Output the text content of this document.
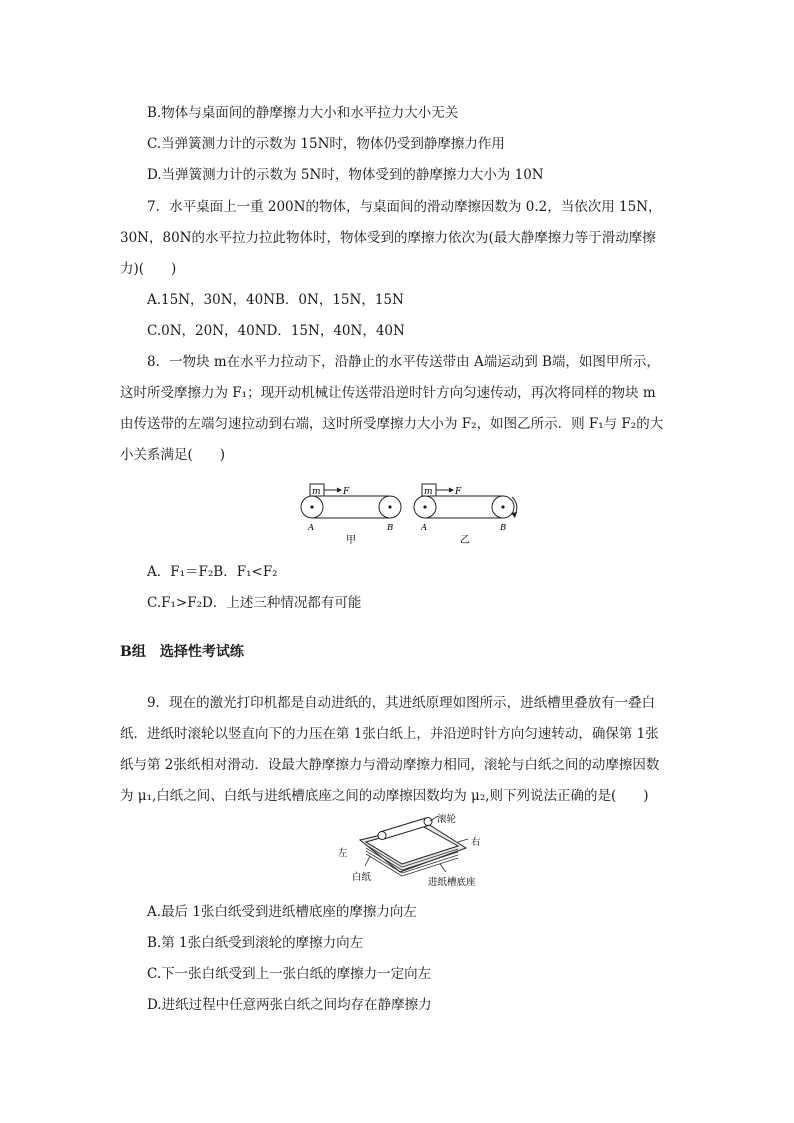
B.物体与桌面间的静摩擦力大小和水平拉力大小无关
C.当弹簧测力计的示数为 15N时，物体仍受到静摩擦力作用
D.当弹簧测力计的示数为 5N时，物体受到的静摩擦力大小为 10N
7．水平桌面上一重 200N的物体，与桌面间的滑动摩擦因数为 0.2，当依次用 15N，
30N，80N的水平拉力拉此物体时，物体受到的摩擦力依次为(最大静摩擦力等于滑动摩擦
力)(　　)
A.15N，30N，40NB．0N，15N，15N
C.0N，20N，40ND．15N，40N，40N
8．一物块 m在水平力拉动下，沿静止的水平传送带由 A端运动到 B端，如图甲所示，
这时所受摩擦力为 F₁；现开动机械让传送带沿逆时针方向匀速传动，再次将同样的物块 m
由传送带的左端匀速拉动到右端，这时所受摩擦力大小为 F₂，如图乙所示．则 F₁与 F₂的大
小关系满足(　　)
m F
A	B
甲
m F
A	B
乙
A．F₁＝F₂B．F₁<F₂
C.F₁>F₂D．上述三种情况都有可能
B组　选择性考试练
9．现在的激光打印机都是自动进纸的，其进纸原理如图所示，进纸槽里叠放有一叠白
纸．进纸时滚轮以竖直向下的力压在第 1张白纸上，并沿逆时针方向匀速转动，确保第 1张
纸与第 2张纸相对滑动．设最大静摩擦力与滑动摩擦力相同，滚轮与白纸之间的动摩擦因数
为 μ₁,白纸之间、白纸与进纸槽底座之间的动摩擦因数均为 μ₂,则下列说法正确的是(　　)
滚轮
右
左
白纸	进纸槽底座
A.最后 1张白纸受到进纸槽底座的摩擦力向左
B.第 1张白纸受到滚轮的摩擦力向左
C.下一张白纸受到上一张白纸的摩擦力一定向左
D.进纸过程中任意两张白纸之间均存在静摩擦力
